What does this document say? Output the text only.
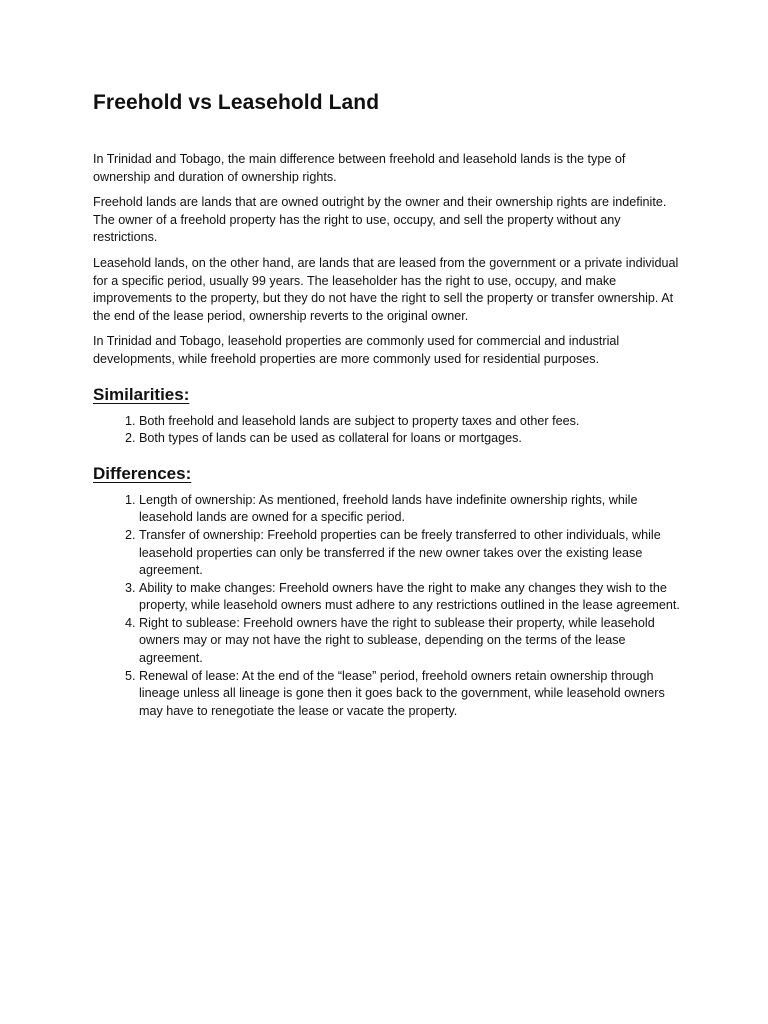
Freehold vs Leasehold Land

In Trinidad and Tobago, the main difference between freehold and leasehold lands is the type of ownership and duration of ownership rights.

Freehold lands are lands that are owned outright by the owner and their ownership rights are indefinite. The owner of a freehold property has the right to use, occupy, and sell the property without any restrictions.

Leasehold lands, on the other hand, are lands that are leased from the government or a private individual for a specific period, usually 99 years. The leaseholder has the right to use, occupy, and make improvements to the property, but they do not have the right to sell the property or transfer ownership. At the end of the lease period, ownership reverts to the original owner.

In Trinidad and Tobago, leasehold properties are commonly used for commercial and industrial developments, while freehold properties are more commonly used for residential purposes.

Similarities:
1. Both freehold and leasehold lands are subject to property taxes and other fees.
2. Both types of lands can be used as collateral for loans or mortgages.
Differences:
1. Length of ownership: As mentioned, freehold lands have indefinite ownership rights, while leasehold lands are owned for a specific period.
2. Transfer of ownership: Freehold properties can be freely transferred to other individuals, while leasehold properties can only be transferred if the new owner takes over the existing lease agreement.
3. Ability to make changes: Freehold owners have the right to make any changes they wish to the property, while leasehold owners must adhere to any restrictions outlined in the lease agreement.
4. Right to sublease: Freehold owners have the right to sublease their property, while leasehold owners may or may not have the right to sublease, depending on the terms of the lease agreement.
5. Renewal of lease: At the end of the “lease” period, freehold owners retain ownership through lineage unless all lineage is gone then it goes back to the government, while leasehold owners may have to renegotiate the lease or vacate the property.
